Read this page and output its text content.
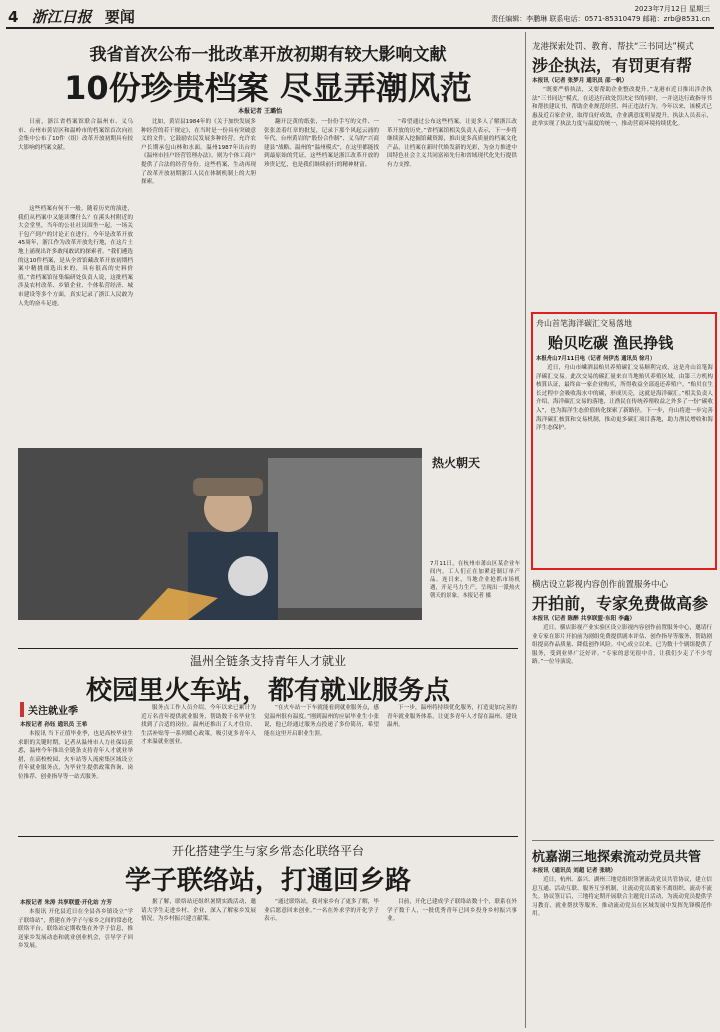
4 浙江日报 要闻	2023年7月12日 星期三
责任编辑：李鹏琳 联系电话：0571-85310479 邮箱：zrb@8531.cn
我省首次公布一批改革开放初期有较大影响文献
10份珍贵档案 尽显弄潮风范
本报记者 王璐怡

日前，浙江省档案馆联合温州市、义乌市、台州市黄岩区和温岭市的档案馆首次向社会集中公布了10件（组）改革开放初期具有较大影响的档案文献。

这些档案有何不一般，随着历史的演进，我们从档案中又能读懂什么？在溪头村附近的大会堂里，当年的公社社员围坐一起，一场关于包产到户的讨论正在进行。今年是改革开放45周年，浙江作为改革开放先行地，在这片土地上涌现出许多敢闯敢试的探索者。“我们遴选的这10件档案，是从全省馆藏改革开放初期档案中精挑细选出来的，具有很高的史料价值。”省档案馆征集编研处负责人说，这批档案涉及农村改革、乡镇企业、个体私营经济、城市建设等多个方面，真实记录了浙江人民敢为人先的奋斗足迹。

比如，黄岩县1984年的《关于加快发展多种经营的若干规定》，在当时是一份具有突破意义的文件，它鼓励农民发展多种经营，允许农户长期承包山林和水面。温州1987年出台的《温州市挂户经营管理办法》，则为个体工商户提供了合法的经营身份。这些档案，生动再现了改革开放初期浙江人民在体制机制上的大胆探索。

翻开泛黄的纸张，一份份手写的文件、一张张盖着红章的批复，记录下那个风起云涌的年代。台州黄岩的“股份合作制”、义乌的“兴商建县”战略、温州的“温州模式”，在这里都能找到最原始的凭证。这些档案是浙江改革开放的珍贵记忆，也是我们继续前行的精神财富。

“希望通过公布这些档案，让更多人了解浙江改革开放的历史。”省档案馆相关负责人表示，下一步将继续深入挖掘馆藏资源，推出更多高质量的档案文化产品，让档案在新时代焕发新的光彩，为奋力推进中国特色社会主义共同富裕先行和省域现代化先行提供有力支撑。

热火朝天
7月11日，在杭州市萧山区某企业车间内，工人们正在加紧赶制订单产品。连日来，当地企业抢抓市场机遇，开足马力生产，呈现出一派热火朝天的景象。本报记者 摄
温州全链条支持青年人才就业
校园里火车站，都有就业服务点
关注就业季
本报记者 孙钰 通讯员 王希

本报讯 当下正值毕业季，也是高校毕业生求职的关键时期。记者从温州市人力社保局获悉，温州今年推出全链条支持青年人才就业举措，在高校校园、火车站等人流密集区域设立青年就业服务点，为毕业生提供政策咨询、岗位推荐、创业指导等一站式服务。

服务点工作人员介绍，今年以来已累计为近万名青年提供就业服务，帮助数千名毕业生找到了合适的岗位。温州还推出了人才住房、生活补贴等一系列暖心政策，吸引更多青年人才来温就业创业。

“在火车站一下车就能看到就业服务点，感觉温州很有温度。”刚到温州的应届毕业生小张说，他已经通过服务点投递了多份简历，希望能在这里开启职业生涯。

下一步，温州将持续优化服务，打造更加完善的青年就业服务体系，让更多青年人才留在温州、建设温州。

开化搭建学生与家乡常态化联络平台
学子联络站，打通回乡路
本报记者 朱涛 共享联盟·开化站 方芳

本报讯 开化县近日在全县各乡镇设立“学子联络站”，搭建在外学子与家乡之间的常态化联络平台。联络站定期收集在外学子信息，推送家乡发展动态和就业创业机会，引导学子回乡发展。

据了解，联络站还组织暑期实践活动，邀请大学生走进乡村、企业，深入了解家乡发展情况，为乡村振兴建言献策。

“通过联络站，我对家乡有了更多了解，毕业后愿意回来创业。”一名在外求学的开化学子表示。

目前，开化已建成学子联络站数十个，联系在外学子数千人，一批优秀青年已回乡投身乡村振兴事业。

龙港探索处罚、教育、帮扶“三书同达”模式
涉企执法，有罚更有帮
本报讯（记者 张梦月 通讯员 邵一帆）

“既要严格执法，又要帮助企业整改提升。”龙港市近日推出涉企执法“三书同达”模式，在送达行政处罚决定书的同时，一并送达行政指导书和帮扶建议书，帮助企业规范经营、纠正违法行为。今年以来，该模式已惠及近百家企业，取得良好成效，企业满意度明显提升。执法人员表示，此举实现了执法力度与温度的统一，推动营商环境持续优化。

舟山首笔海洋碳汇交易落地
贻贝吃碳 渔民挣钱
本报舟山7月11日电（记者 何伊杰 通讯员 徐月）

近日，舟山市嵊泗县贻贝养殖碳汇交易顺利完成，这是舟山首笔海洋碳汇交易。此次交易的碳汇量来自当地贻贝养殖区域，由第三方机构核算认证，最终由一家企业购买，所得收益全部返还养殖户。“贻贝在生长过程中会吸收海水中的碳，形成贝壳，这就是海洋碳汇。”相关负责人介绍，海洋碳汇交易的落地，让渔民在传统养殖收益之外多了一份“碳收入”，也为海洋生态价值转化探索了新路径。下一步，舟山将进一步完善海洋碳汇核算和交易机制，推动更多碳汇项目落地，助力渔民增收和海洋生态保护。

横店设立影视内容创作前置服务中心
开拍前，专家免费做高参
本报讯（记者 陈醉 共享联盟·东阳 李鑫）

近日，横店影视产业实验区设立影视内容创作前置服务中心，邀请行业专家在影片开拍前为剧组免费提供剧本评估、创作指导等服务，帮助剧组提高作品质量、降低创作风险。中心成立以来，已为数十个剧组提供了服务，受到业界广泛好评。“专家的意见很中肯，让我们少走了不少弯路。”一位导演说。

杭嘉湖三地探索流动党员共管
本报讯（通讯员 刘超 记者 张晓）

近日，杭州、嘉兴、湖州三地党组织签署流动党员共管协议，建立信息互通、活动互联、服务互享机制，让流动党员离家不离组织、流动不流失。协议签订后，三地将定期开展联合主题党日活动，为流动党员提供学习教育、就业帮扶等服务，推动流动党员在区域发展中发挥先锋模范作用。
